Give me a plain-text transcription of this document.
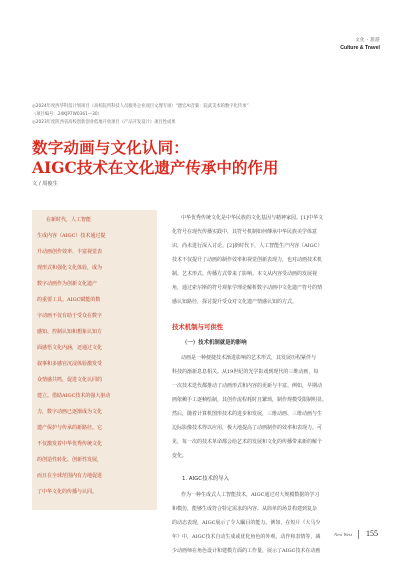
文化 · 旅游
Culture & Travel
◎2024年度西华科技计划项目（高校院所科技人员服务企业项目文理专项）“德宏AI音楽：院武美术的数字化传承”
（项目编号：24KJP7W0361—30）
◎2023年度陕西省高校创新创业低地开放项目《产品开发设计》项目性成果
数字动画与文化认同：
AIGC技术在文化遗产传承中的作用
文 / 周俊生
在新时代，人工智能
生成内容（AIGC）技术通过提
升动画创作效率、丰富视觉表
现形式和强化文化体验，成为
数字动画作为创新文化遗产
的重要工具。AIGC赋能的数
字动画不仅有助于受众在数字
感知、控制认知和想象认知方
面感悟文化内涵，还通过文化
叙事和多感官沉浸体验激发受
众情感共鸣，促进文化认同的
建立。借助AIGC技术的强大驱动
力，数字动画已逐渐成为文化
遗产保护与传承的新路径。它
不仅激发着中华优秀传统文化
的创造性转化、创新性发展，
而且在全球范围内有力地促进
了中华文化的传播与认同。
中华优秀传统文化是中华民族的文化基因与精神家园。[1]中华文
化符号在现代传播实践中，其符号机制如何傳承中华民族美学体意
识，尚未进行深入讨论。[2]新时代下，人工智能生产内容（AIGC）
技术不仅提升了动画的制作效率和视觉创新表现力，也对动画技术机
制、艺术形式、传播方式带来了影响。本文从内容受动画的发展视
角，通过索尔斯的符号观象学理论解析数字动画中文化遗产符号的情
感认知路径，探讨提升受众对文化遗产情感认知的方式。
技术机制与可供性
（一）技术机制就是的影响
动画是一种便捷技术渐进影响的艺术形式，其发展历程紧伴与
科技的渐新息息相关。从19世纪的光学影戏到现代的三维动画，每
一次技术迭代都推动了动画形式和内容的更新与丰富。例如，早期动
画依赖手工逐帧绘制，其创作流程耗时且繁琐，制作规模受限制明显。
然后，随着计算机图形技术的进步和发展，三维动画、三维动画与生
边际影像技术得以应用，极大地提高了动画制作的效率和表现力。可
见，每一次的技术革命都会给艺术的发展和文化的传播带来新的解个
变化。
1. AIGC技术的导入
作为一种生成式人工智能技术，AIGC通过对大规模数据的学习
和模仿，能够生成符合特定需求的内容。从简单的场景构建到复杂
的动态表现，AIGC展示了令人瞩目的能力。例如，在短片《大马少
年》中，AIGC技术自动生成或优化角色的外观、动作和表情等，减
少动画师在角色设计和建模方面的工作量，展示了AIGC技术在动画
New West 155
